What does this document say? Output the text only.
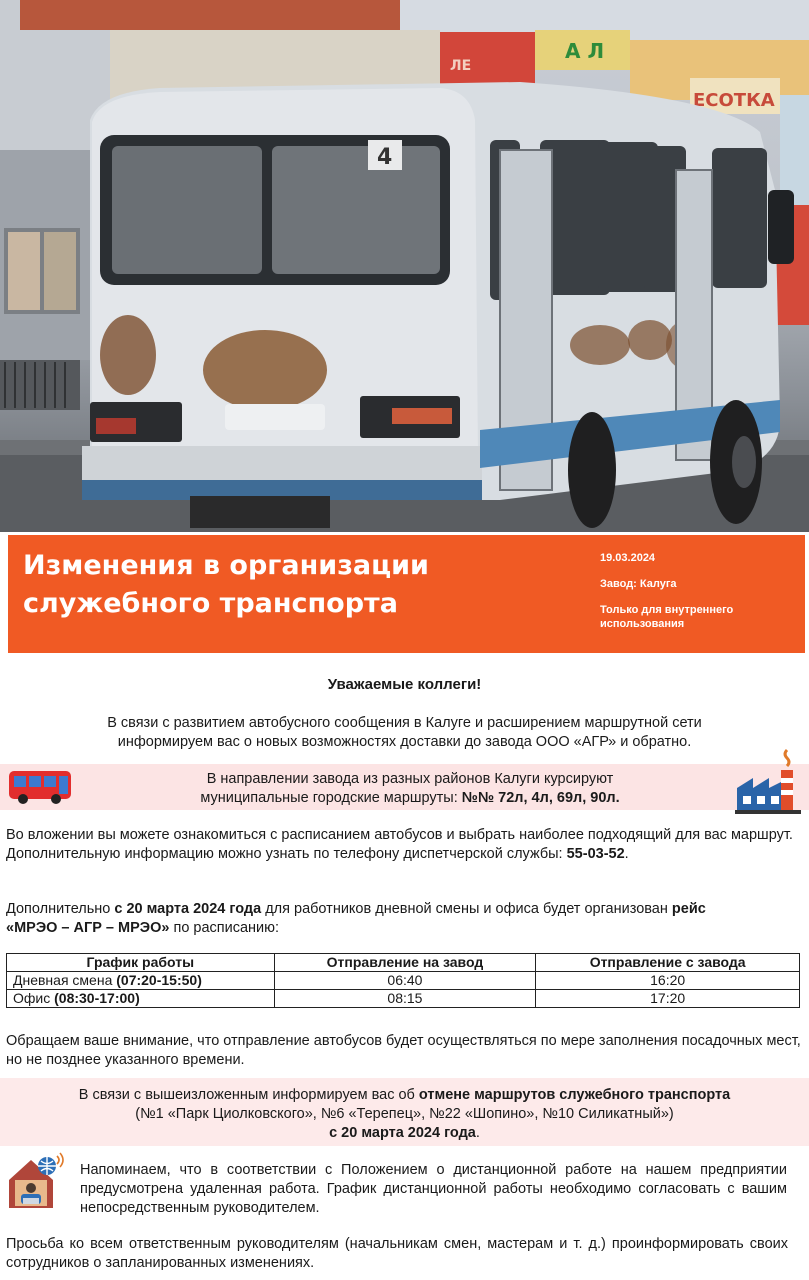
ЛЕ
А Л
ЕСОТКА
4
Изменения в организации
служебного транспорта
19.03.2024
Завод: Калуга
Только для внутреннего использования
Уважаемые коллеги!
В связи с развитием автобусного сообщения в Калуге и расширением маршрутной сети
информируем вас о новых возможностях доставки до завода ООО «АГР» и обратно.
В направлении завода из разных районов Калуги курсируют
муниципальные городские маршруты: №№ 72л, 4л, 69л, 90л.
Во вложении вы можете ознакомиться с расписанием автобусов и выбрать наиболее подходящий для вас маршрут. Дополнительную информацию можно узнать по телефону диспетчерской службы: 55-03-52.
Дополнительно с 20 марта 2024 года для работников дневной смены и офиса будет организован рейс «МРЭО – АГР – МРЭО» по расписанию:
График работы	Отправление на завод	Отправление с завода
Дневная смена (07:20-15:50)	06:40	16:20
Офис (08:30-17:00)	08:15	17:20
Обращаем ваше внимание, что отправление автобусов будет осуществляться по мере заполнения посадочных мест, но не позднее указанного времени.
В связи с вышеизложенным информируем вас об отмене маршрутов служебного транспорта
(№1 «Парк Циолковского», №6 «Терепец», №22 «Шопино», №10 Силикатный»)
с 20 марта 2024 года.
Напоминаем, что в соответствии с Положением о дистанционной работе на нашем предприятии предусмотрена удаленная работа. График дистанционной работы необходимо согласовать с вашим непосредственным руководителем.
Просьба ко всем ответственным руководителям (начальникам смен, мастерам и т. д.) проинформировать своих сотрудников о запланированных изменениях.
